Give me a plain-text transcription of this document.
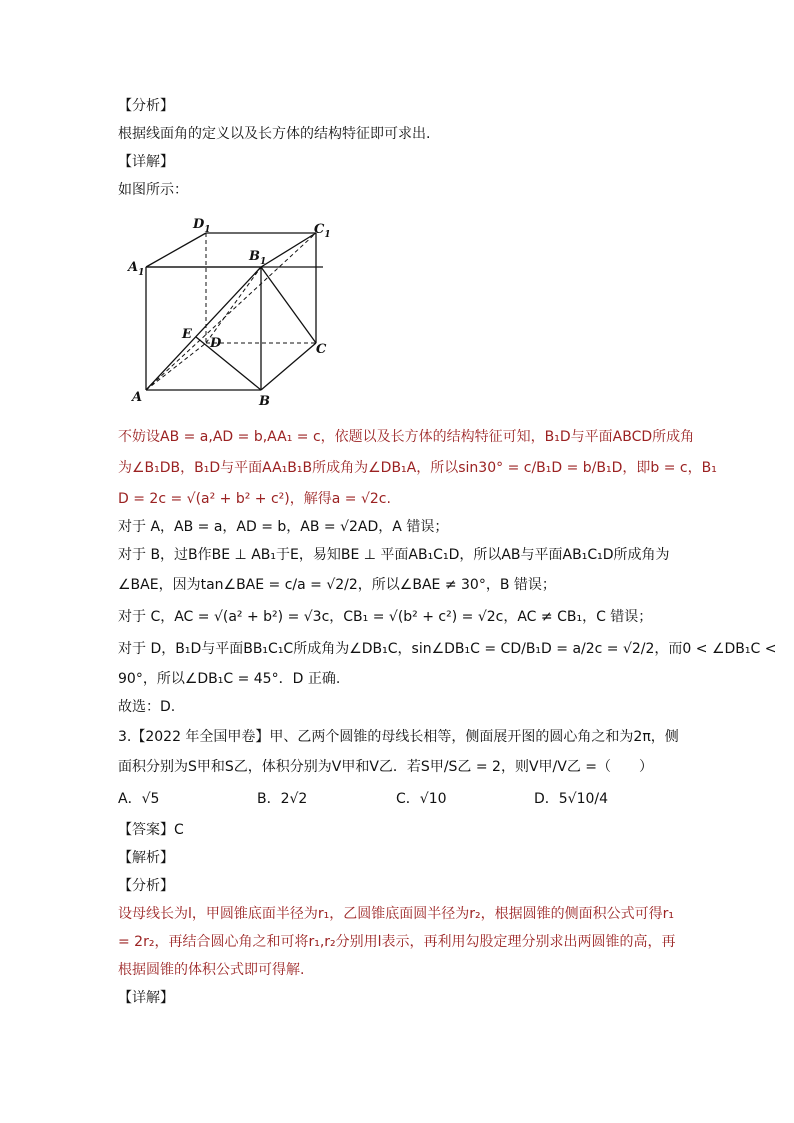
【分析】
根据线面角的定义以及长方体的结构特征即可求出.
【详解】
如图所示：
$D_1$	$C_1$
$A_1$
$B_1$
E
D	C
A	B
不妨设AB = a,AD = b,AA₁ = c，依题以及长方体的结构特征可知，B₁D与平面ABCD所成角
为∠B₁DB，B₁D与平面AA₁B₁B所成角为∠DB₁A，所以sin30° = c/B₁D = b/B₁D，即b = c，B₁
D = 2c = √(a² + b² + c²)，解得a = √2c.
对于 A，AB = a，AD = b，AB = √2AD，A 错误；
对于 B，过B作BE ⊥ AB₁于E，易知BE ⊥ 平面AB₁C₁D，所以AB与平面AB₁C₁D所成角为
∠BAE，因为tan∠BAE = c/a = √2/2，所以∠BAE ≠ 30°，B 错误；
对于 C，AC = √(a² + b²) = √3c，CB₁ = √(b² + c²) = √2c，AC ≠ CB₁，C 错误；
对于 D，B₁D与平面BB₁C₁C所成角为∠DB₁C，sin∠DB₁C = CD/B₁D = a/2c = √2/2，而0 < ∠DB₁C <
90°，所以∠DB₁C = 45°．D 正确.
故选：D.
3.【2022 年全国甲卷】甲、乙两个圆锥的母线长相等，侧面展开图的圆心角之和为2π，侧
面积分别为S甲和S乙，体积分别为V甲和V乙．若S甲/S乙 = 2，则V甲/V乙 =（　　）
A．√5	B．2√2	C．√10	D．5√10/4
【答案】C
【解析】
【分析】
设母线长为l，甲圆锥底面半径为r₁，乙圆锥底面圆半径为r₂，根据圆锥的侧面积公式可得r₁
= 2r₂，再结合圆心角之和可将r₁,r₂分别用l表示，再利用勾股定理分别求出两圆锥的高，再
根据圆锥的体积公式即可得解.
【详解】
